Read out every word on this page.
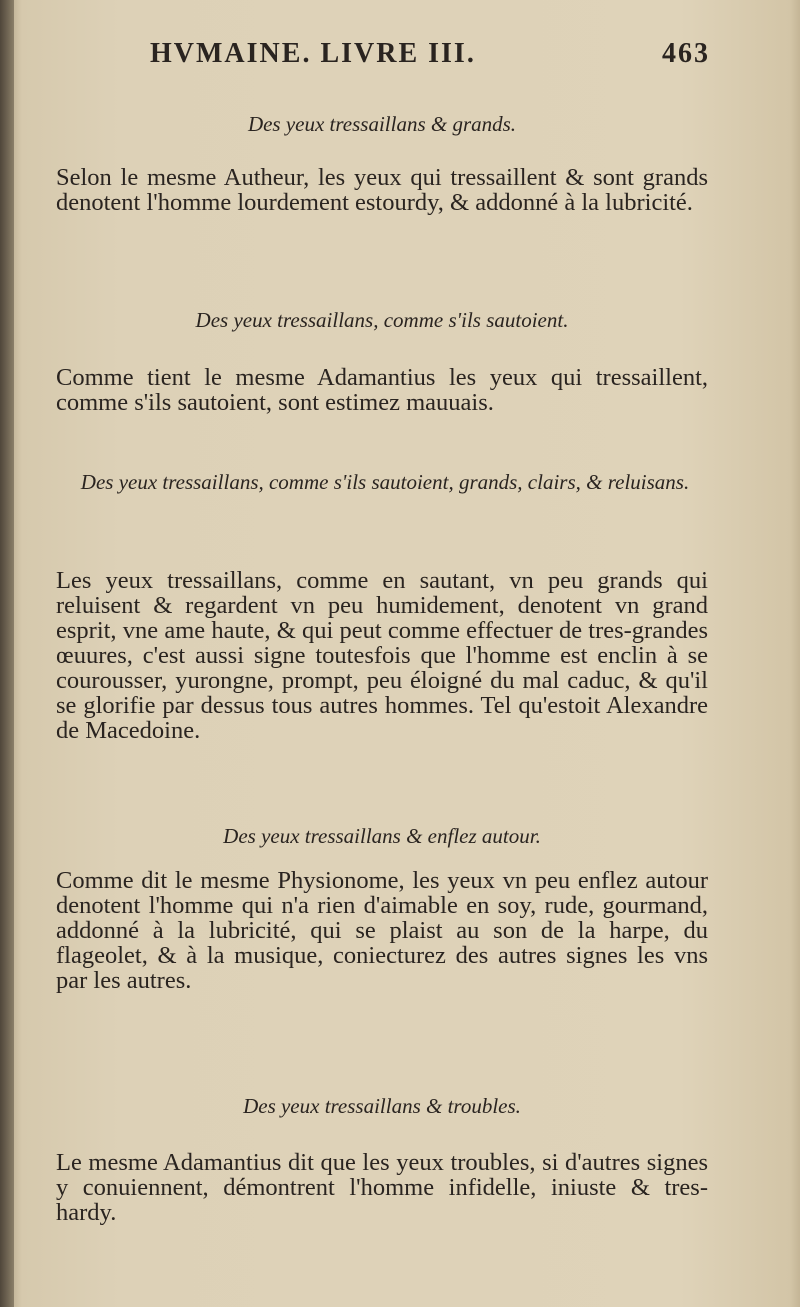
HVMAINE. LIVRE III.	463
Des yeux tressaillans & grands.
Selon le mesme Autheur, les yeux qui tressaillent & sont grands denotent l'homme lourdement estourdy, & addonné à la lubricité.
Des yeux tressaillans, comme s'ils sautoient.
Comme tient le mesme Adamantius les yeux qui tressaillent, comme s'ils sautoient, sont estimez mauuais.
Des yeux tressaillans, comme s'ils sautoient, grands, clairs, & reluisans.
Les yeux tressaillans, comme en sautant, vn peu grands qui reluisent & regardent vn peu humidement, denotent vn grand esprit, vne ame haute, & qui peut comme effectuer de tres-grandes œuures, c'est aussi signe toutesfois que l'homme est enclin à se courousser, yurongne, prompt, peu éloigné du mal caduc, & qu'il se glorifie par dessus tous autres hommes. Tel qu'estoit Alexandre de Macedoine.
Des yeux tressaillans & enflez autour.
Comme dit le mesme Physionome, les yeux vn peu enflez autour denotent l'homme qui n'a rien d'aimable en soy, rude, gourmand, addonné à la lubricité, qui se plaist au son de la harpe, du flageolet, & à la musique, coniecturez des autres signes les vns par les autres.
Des yeux tressaillans & troubles.
Le mesme Adamantius dit que les yeux troubles, si d'autres signes y conuiennent, démontrent l'homme infidelle, iniuste & tres-hardy.
